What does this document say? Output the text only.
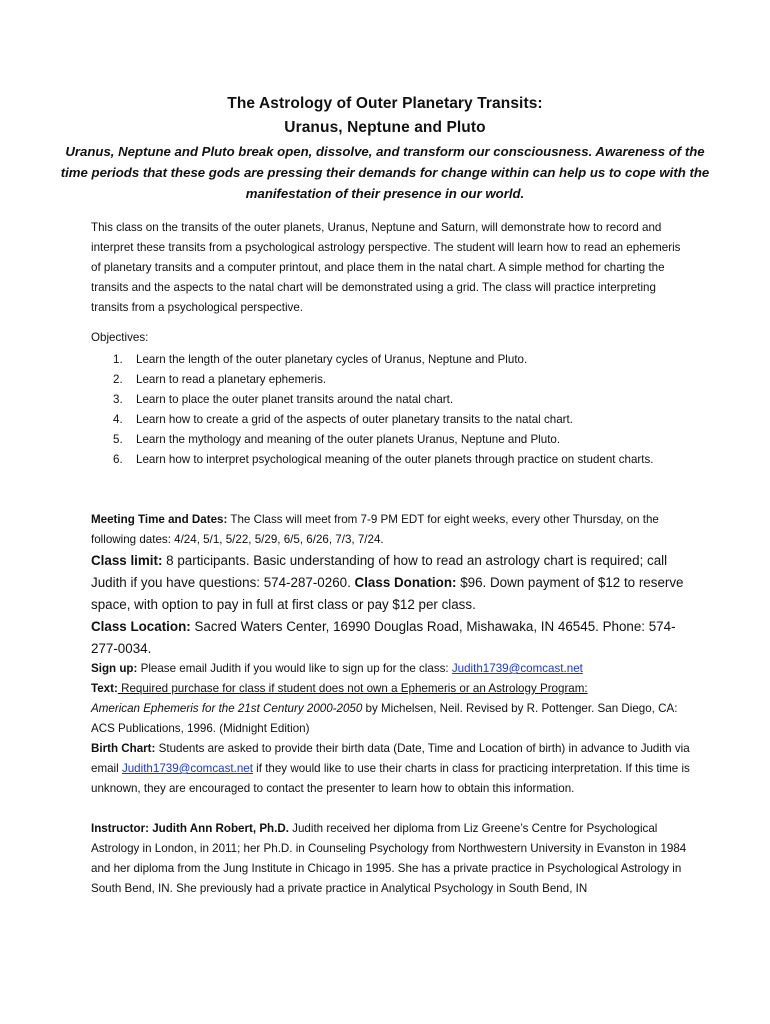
The Astrology of Outer Planetary Transits:
Uranus, Neptune and Pluto
Uranus, Neptune and Pluto break open, dissolve, and transform our consciousness. Awareness of the time periods that these gods are pressing their demands for change within can help us to cope with the manifestation of their presence in our world.
This class on the transits of the outer planets, Uranus, Neptune and Saturn, will demonstrate how to record and interpret these transits from a psychological astrology perspective. The student will learn how to read an ephemeris of planetary transits and a computer printout, and place them in the natal chart. A simple method for charting the transits and the aspects to the natal chart will be demonstrated using a grid. The class will practice interpreting transits from a psychological perspective.
Objectives:
1. Learn the length of the outer planetary cycles of Uranus, Neptune and Pluto.
2. Learn to read a planetary ephemeris.
3. Learn to place the outer planet transits around the natal chart.
4. Learn how to create a grid of the aspects of outer planetary transits to the natal chart.
5. Learn the mythology and meaning of the outer planets Uranus, Neptune and Pluto.
6. Learn how to interpret psychological meaning of the outer planets through practice on student charts.
Meeting Time and Dates: The Class will meet from 7-9 PM EDT for eight weeks, every other Thursday, on the following dates: 4/24, 5/1, 5/22, 5/29, 6/5, 6/26, 7/3, 7/24.
Class limit: 8 participants. Basic understanding of how to read an astrology chart is required; call Judith if you have questions: 574-287-0260. Class Donation: $96. Down payment of $12 to reserve space, with option to pay in full at first class or pay $12 per class.
Class Location: Sacred Waters Center, 16990 Douglas Road, Mishawaka, IN 46545. Phone: 574-277-0034.
Sign up: Please email Judith if you would like to sign up for the class: Judith1739@comcast.net
Text: Required purchase for class if student does not own a Ephemeris or an Astrology Program:
American Ephemeris for the 21st Century 2000-2050 by Michelsen, Neil. Revised by R. Pottenger. San Diego, CA: ACS Publications, 1996. (Midnight Edition)
Birth Chart: Students are asked to provide their birth data (Date, Time and Location of birth) in advance to Judith via email Judith1739@comcast.net if they would like to use their charts in class for practicing interpretation. If this time is unknown, they are encouraged to contact the presenter to learn how to obtain this information.
Instructor: Judith Ann Robert, Ph.D. Judith received her diploma from Liz Greene’s Centre for Psychological Astrology in London, in 2011; her Ph.D. in Counseling Psychology from Northwestern University in Evanston in 1984 and her diploma from the Jung Institute in Chicago in 1995. She has a private practice in Psychological Astrology in South Bend, IN. She previously had a private practice in Analytical Psychology in South Bend, IN
